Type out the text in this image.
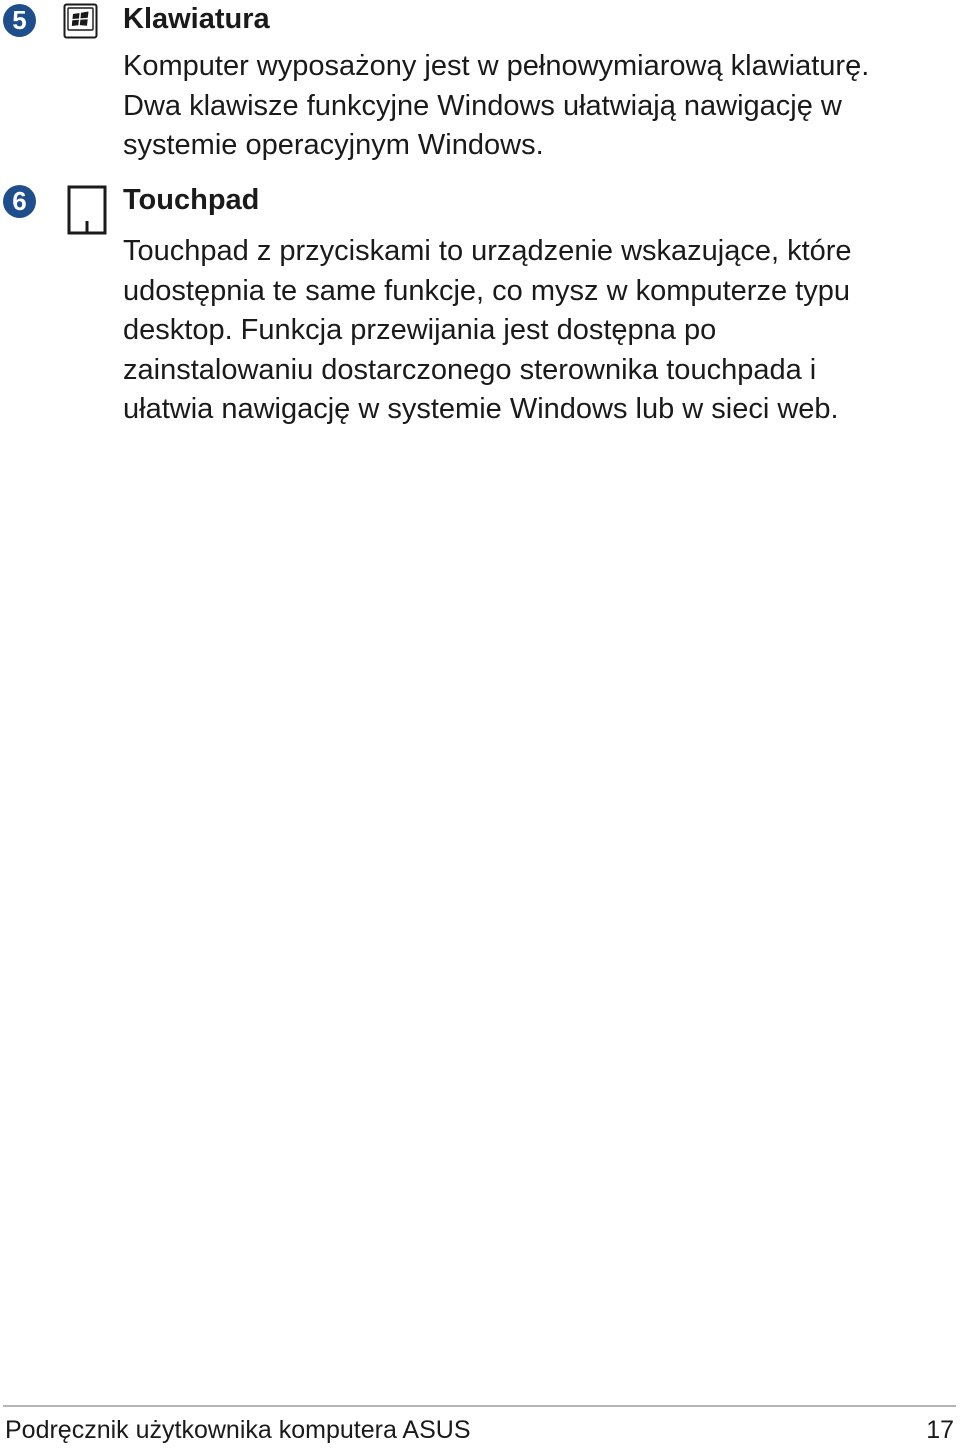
5	Klawiatura

Komputer wyposażony jest w pełnowymiarową klawiaturę. Dwa klawisze funkcyjne Windows ułatwiają nawigację w systemie operacyjnym Windows.

6	Touchpad

Touchpad z przyciskami to urządzenie wskazujące, które udostępnia te same funkcje, co mysz w komputerze typu desktop. Funkcja przewijania jest dostępna po zainstalowaniu dostarczonego sterownika touchpada i ułatwia nawigację w systemie Windows lub w sieci web.

Podręcznik użytkownika komputera ASUS	17
